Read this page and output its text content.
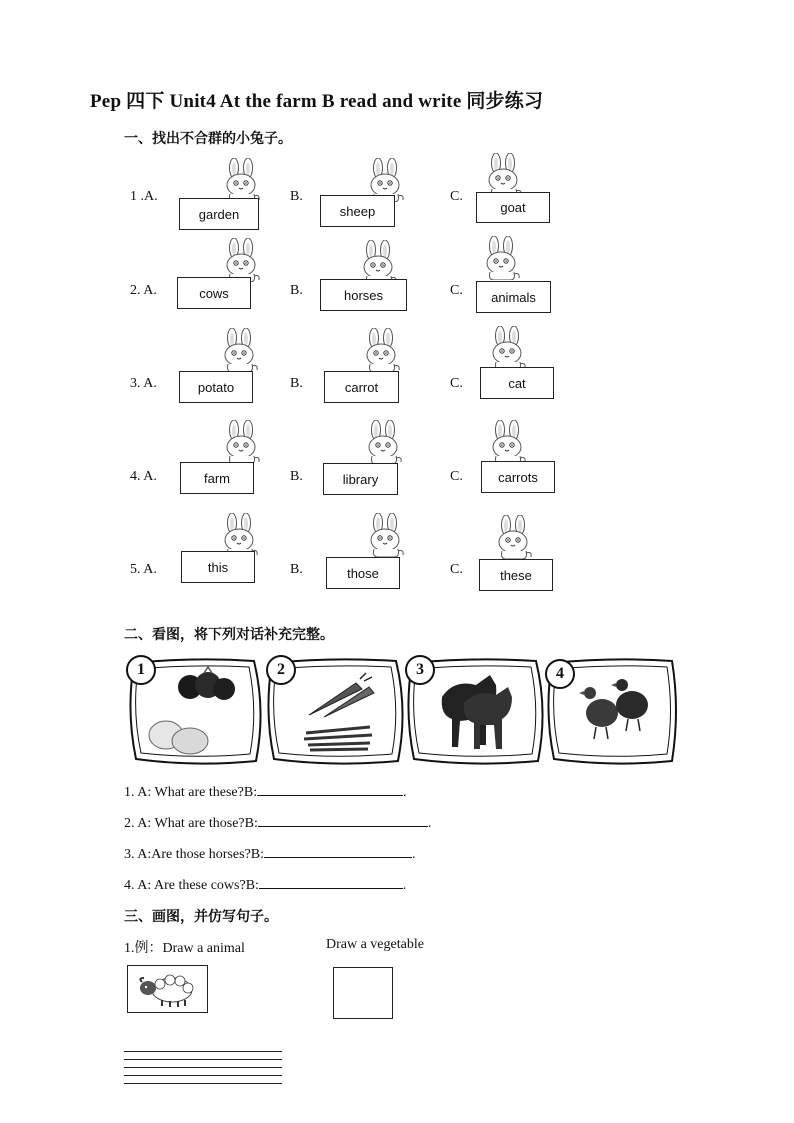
Pep 四下 Unit4 At the farm B read and write 同步练习
一、找出不合群的小兔子。
1 .A.	B.	C.
garden	sheep	goat
2. A.	B.	C.
cows	horses	animals
3. A.	B.	C.
potato	carrot	cat
4. A.	B.	C.
farm	library	carrots
5. A.	B.	C.
this	those	these
二、看图，将下列对话补充完整。
1	2	3	4
1. A: What are these?B:	.
2. A: What are those?B:	.
3. A:Are those horses?B:	.
4. A: Are these cows?B:	.
三、画图，并仿写句子。
1.例：Draw a animal	Draw a vegetable
